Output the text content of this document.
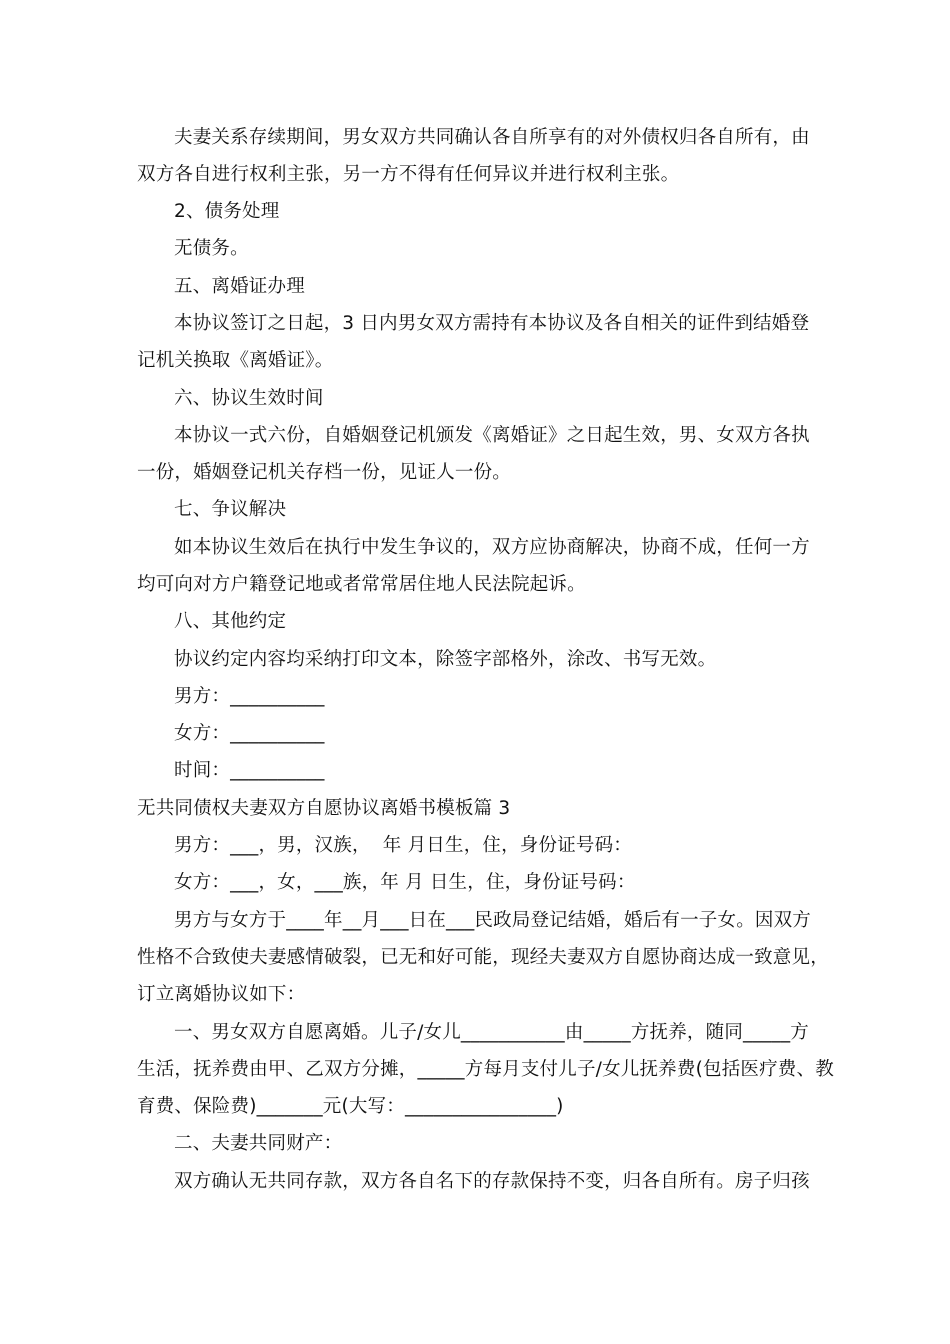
夫妻关系存续期间，男女双方共同确认各自所享有的对外债权归各自所有，由
双方各自进行权利主张，另一方不得有任何异议并进行权利主张。
2、债务处理
无债务。
五、离婚证办理
本协议签订之日起，3 日内男女双方需持有本协议及各自相关的证件到结婚登
记机关换取《离婚证》。
六、协议生效时间
本协议一式六份，自婚姻登记机颁发《离婚证》之日起生效，男、女双方各执
一份，婚姻登记机关存档一份，见证人一份。
七、争议解决
如本协议生效后在执行中发生争议的，双方应协商解决，协商不成，任何一方
均可向对方户籍登记地或者常常居住地人民法院起诉。
八、其他约定
协议约定内容均采纳打印文本，除签字部格外，涂改、书写无效。
男方：__________
女方：__________
时间：__________
无共同债权夫妻双方自愿协议离婚书模板篇 3
男方：___，男，汉族，  年 月日生，住，身份证号码：
女方：___，女，___族，年 月 日生，住，身份证号码：
男方与女方于____年__月___日在___民政局登记结婚，婚后有一子女。因双方
性格不合致使夫妻感情破裂，已无和好可能，现经夫妻双方自愿协商达成一致意见，
订立离婚协议如下：
一、男女双方自愿离婚。儿子/女儿___________由_____方抚养，随同_____方
生活，抚养费由甲、乙双方分摊，_____方每月支付儿子/女儿抚养费(包括医疗费、教
育费、保险费)_______元(大写：________________)
二、夫妻共同财产：
双方确认无共同存款，双方各自名下的存款保持不变，归各自所有。房子归孩
